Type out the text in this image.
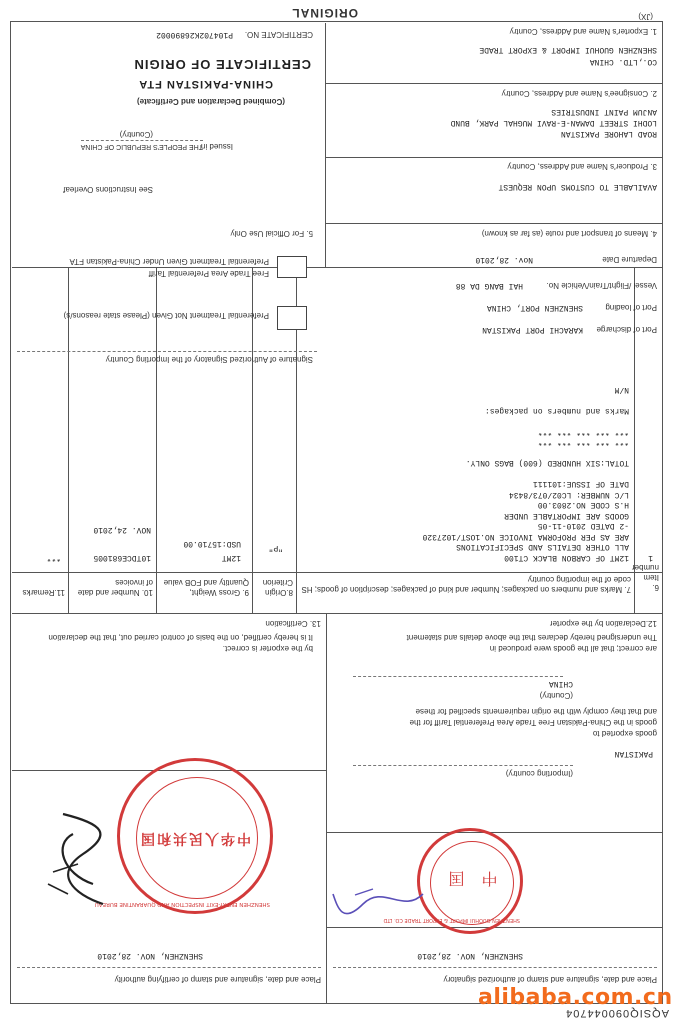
ORIGINAL	(JX)
AQSIQ090044704
CERTIFICATE NO.
P104702K26890002
CERTIFICATE OF ORIGIN
CHINA-PAKISTAN FTA
(Combined Declaration and Certificate)
Issued in
THE PEOPLE'S REPUBLIC OF CHINA
(Country)
See Instructions Overleaf
1. Exporter's Name and Address, Country
SHENZHEN GUOHUI IMPORT & EXPORT TRADE
CO.,LTD. CHINA
2. Consignee's Name and Address, Country
ANJUM PAINT INDUSTRIES
LODHI STREET DAMAN-E-RAVI MUGHAL PARK, BUND
ROAD LAHORE PAKISTAN
3. Producer's Name and Address, Country
AVAILABLE TO CUSTOMS UPON REQUEST
4. Means of transport and route (as far as known)
Departure Date
Nov. 28,2010
Vessel /Flight/Train/Vehicle No.
HAI BANG DA 88
Port of loading
SHENZHEN PORT, CHINA
Port of discharge
KARACHI PORT PAKISTAN
5. For Official Use Only
Preferential Treatment Given Under China-Pakistan FTA
Free Trade Area Preferential Tariff
Preferential Treatment Not Given (Please state reasons/s)
Signature of Authorized Signatory of the Importing Country
6. Item number
7. Marks and numbers on packages; Number and kind of packages; description of goods; HS code of the importing country
8.Origin Criterion
9. Gross Weight, Quantity and FOB value
10. Number and date of invoices
11.Remarks
1
12MT OF CARBON BLACK CT100
ALL OTHER DETAILS AND SPECIFICATIONS
ARE AS PER PROFORMA INVOICE NO.1OST/1027320
-2 DATED 2010-11-05
GOODS ARE IMPORTABLE UNDER
H.S CODE NO.2803.00
L/C NUMBER: LC02/073/8434
DATE OF ISSUE:101111
TOTAL:SIX HUNDRED (600) BAGS ONLY.
*** *** *** *** ***
*** *** *** *** ***
Marks and numbers on packages:
N/M
"P"
12MT
USD:15710.00
10TDCE681005
NOV. 24,2010
***
12.Declaration by the exporter
The undersigned hereby declares that the above details and statement
are correct; that all the goods were produced in
CHINA
(Country)
and that they comply with the origin requirements specified for these
goods in the China-Pakistan Free Trade Area Preferential Tariff for the
goods exported to
PAKISTAN
(Importing country)
SHENZHEN, NOV. 28,2010
Place and date, signature and stamp of authorized signatory
13. Certification
It is hereby certified, on the basis of control carried out, that the declaration
by the exporter is correct.
SHENZHEN, NOV. 28,2010
Place and date, signature and stamp of certifying authority
SHENZHEN GUOHUI IMPORT & EXPORT TRADE CO. LTD
中 国
SHENZHEN ENTRY-EXIT INSPECTION AND QUARANTINE BUREAU
中华人民共和国
alibaba.com.cn
